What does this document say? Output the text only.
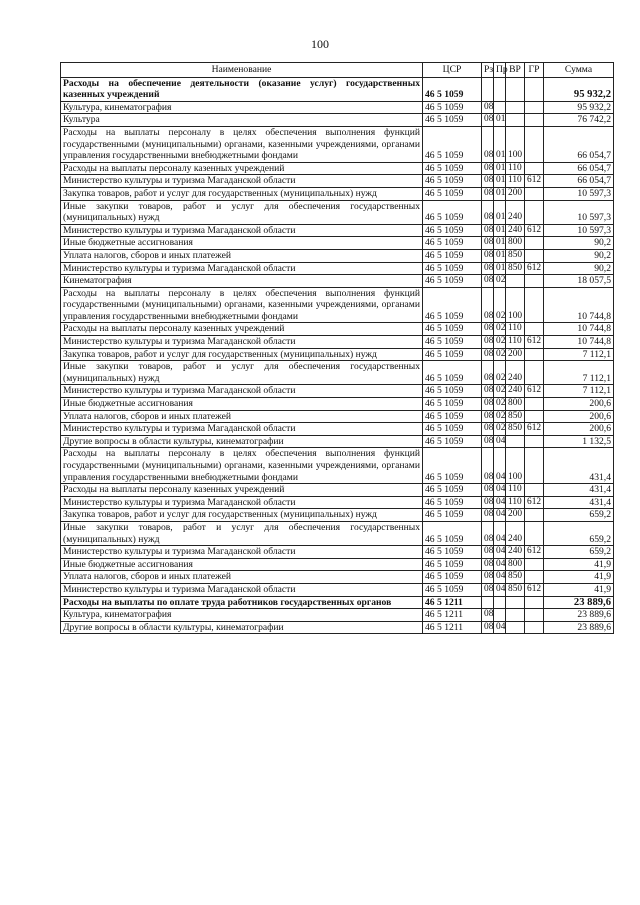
100
Наименование	ЦСР	Рз	Пр	ВР	ГР	Сумма
Расходы на обеспечение деятельности (оказание услуг) государственных казенных учреждений	46 5 1059					95 932,2
Культура, кинематография	46 5 1059	08				95 932,2
Культура	46 5 1059	08	01			76 742,2
Расходы на выплаты персоналу в целях обеспечения выполнения функций государственными (муниципальными) органами, казенными учреждениями, органами управления государственными внебюджетными фондами	46 5 1059	08	01	100		66 054,7
Расходы на выплаты персоналу казенных учреждений	46 5 1059	08	01	110		66 054,7
Министерство культуры и туризма Магаданской области	46 5 1059	08	01	110	612	66 054,7
Закупка товаров, работ и услуг для государственных (муниципальных) нужд	46 5 1059	08	01	200		10 597,3
Иные закупки товаров, работ и услуг для обеспечения государственных (муниципальных) нужд	46 5 1059	08	01	240		10 597,3
Министерство культуры и туризма Магаданской области	46 5 1059	08	01	240	612	10 597,3
Иные бюджетные ассигнования	46 5 1059	08	01	800		90,2
Уплата налогов, сборов и иных платежей	46 5 1059	08	01	850		90,2
Министерство культуры и туризма Магаданской области	46 5 1059	08	01	850	612	90,2
Кинематография	46 5 1059	08	02			18 057,5
Расходы на выплаты персоналу в целях обеспечения выполнения функций государственными (муниципальными) органами, казенными учреждениями, органами управления государственными внебюджетными фондами	46 5 1059	08	02	100		10 744,8
Расходы на выплаты персоналу казенных учреждений	46 5 1059	08	02	110		10 744,8
Министерство культуры и туризма Магаданской области	46 5 1059	08	02	110	612	10 744,8
Закупка товаров, работ и услуг для государственных (муниципальных) нужд	46 5 1059	08	02	200		7 112,1
Иные закупки товаров, работ и услуг для обеспечения государственных (муниципальных) нужд	46 5 1059	08	02	240		7 112,1
Министерство культуры и туризма Магаданской области	46 5 1059	08	02	240	612	7 112,1
Иные бюджетные ассигнования	46 5 1059	08	02	800		200,6
Уплата налогов, сборов и иных платежей	46 5 1059	08	02	850		200,6
Министерство культуры и туризма Магаданской области	46 5 1059	08	02	850	612	200,6
Другие вопросы в области культуры, кинематографии	46 5 1059	08	04			1 132,5
Расходы на выплаты персоналу в целях обеспечения выполнения функций государственными (муниципальными) органами, казенными учреждениями, органами управления государственными внебюджетными фондами	46 5 1059	08	04	100		431,4
Расходы на выплаты персоналу казенных учреждений	46 5 1059	08	04	110		431,4
Министерство культуры и туризма Магаданской области	46 5 1059	08	04	110	612	431,4
Закупка товаров, работ и услуг для государственных (муниципальных) нужд	46 5 1059	08	04	200		659,2
Иные закупки товаров, работ и услуг для обеспечения государственных (муниципальных) нужд	46 5 1059	08	04	240		659,2
Министерство культуры и туризма Магаданской области	46 5 1059	08	04	240	612	659,2
Иные бюджетные ассигнования	46 5 1059	08	04	800		41,9
Уплата налогов, сборов и иных платежей	46 5 1059	08	04	850		41,9
Министерство культуры и туризма Магаданской области	46 5 1059	08	04	850	612	41,9
Расходы на выплаты по оплате труда работников государственных органов	46 5 1211					23 889,6
Культура, кинематография	46 5 1211	08				23 889,6
Другие вопросы в области культуры, кинематографии	46 5 1211	08	04			23 889,6
